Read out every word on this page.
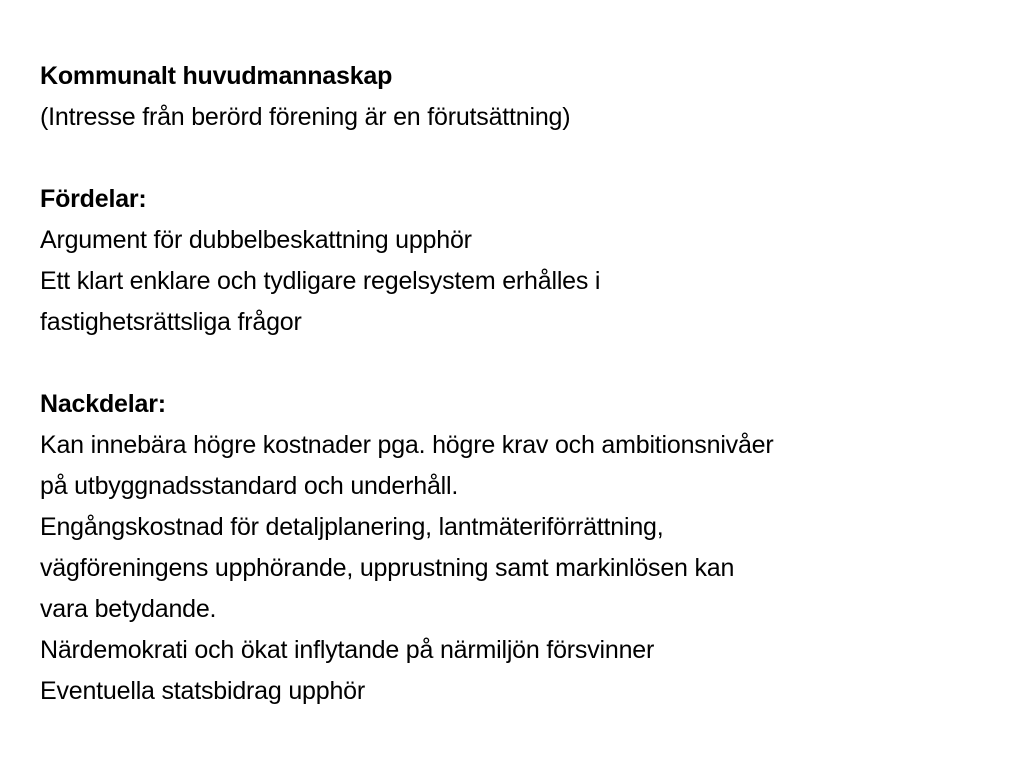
Kommunalt huvudmannaskap
(Intresse från berörd förening är en förutsättning)
Fördelar:
Argument för dubbelbeskattning upphör
Ett klart enklare och tydligare regelsystem erhålles i
fastighetsrättsliga frågor
Nackdelar:
Kan innebära högre kostnader pga. högre krav och ambitionsnivåer
på utbyggnadsstandard och underhåll.
Engångskostnad för detaljplanering, lantmäteriförrättning,
vägföreningens upphörande, upprustning samt markinlösen kan
vara betydande.
Närdemokrati och ökat inflytande på närmiljön försvinner
Eventuella statsbidrag upphör
